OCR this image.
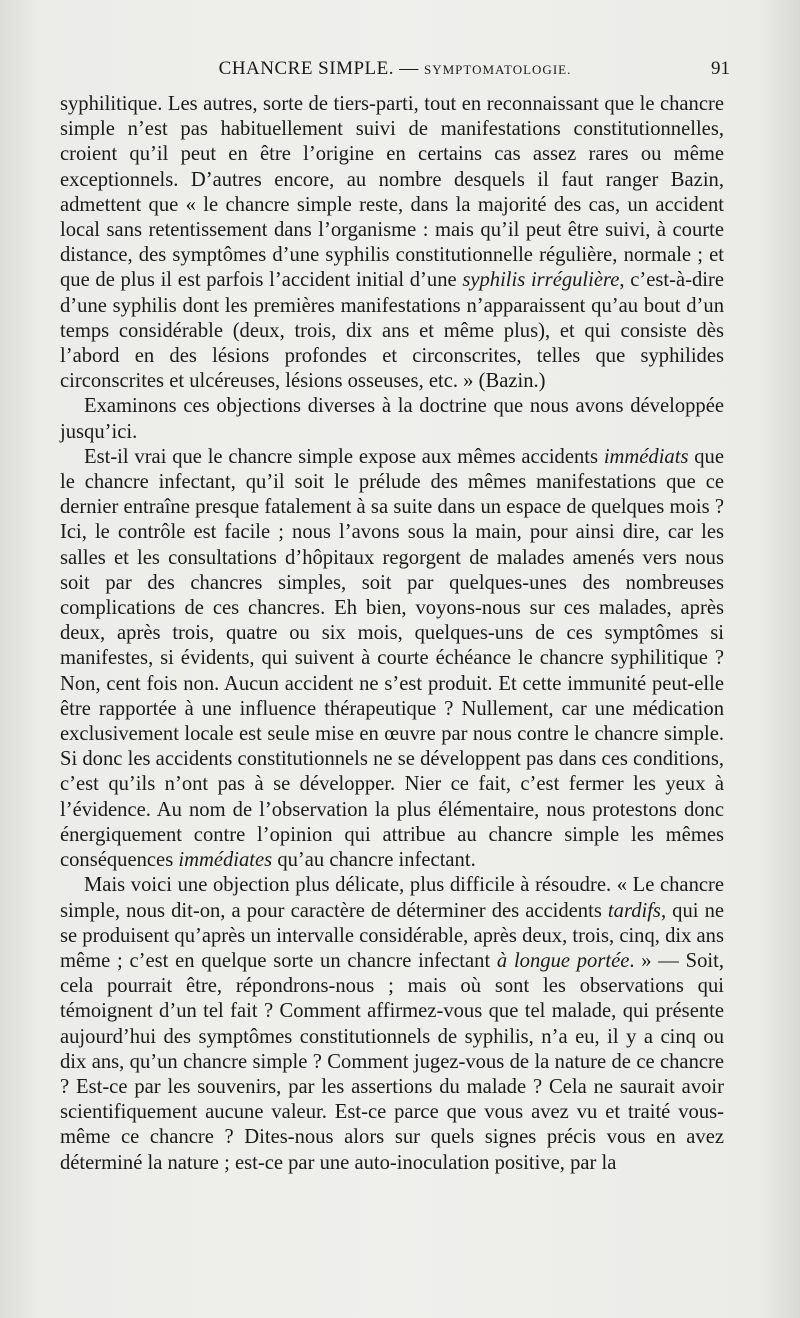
CHANCRE SIMPLE. — SYMPTOMATOLOGIE.	91

syphilitique. Les autres, sorte de tiers-parti, tout en reconnaissant que le chancre simple n’est pas habituellement suivi de manifestations constitutionnelles, croient qu’il peut en être l’origine en certains cas assez rares ou même exceptionnels. D’autres encore, au nombre desquels il faut ranger Bazin, admettent que « le chancre simple reste, dans la majorité des cas, un accident local sans retentissement dans l’organisme : mais qu’il peut être suivi, à courte distance, des symptômes d’une syphilis constitutionnelle régulière, normale ; et que de plus il est parfois l’accident initial d’une syphilis irrégulière, c’est-à-dire d’une syphilis dont les premières manifestations n’apparaissent qu’au bout d’un temps considérable (deux, trois, dix ans et même plus), et qui consiste dès l’abord en des lésions profondes et circonscrites, telles que syphilides circonscrites et ulcéreuses, lésions osseuses, etc. » (Bazin.)

Examinons ces objections diverses à la doctrine que nous avons développée jusqu’ici.

Est-il vrai que le chancre simple expose aux mêmes accidents immédiats que le chancre infectant, qu’il soit le prélude des mêmes manifestations que ce dernier entraîne presque fatalement à sa suite dans un espace de quelques mois ? Ici, le contrôle est facile ; nous l’avons sous la main, pour ainsi dire, car les salles et les consultations d’hôpitaux regorgent de malades amenés vers nous soit par des chancres simples, soit par quelques-unes des nombreuses complications de ces chancres. Eh bien, voyons-nous sur ces malades, après deux, après trois, quatre ou six mois, quelques-uns de ces symptômes si manifestes, si évidents, qui suivent à courte échéance le chancre syphilitique ? Non, cent fois non. Aucun accident ne s’est produit. Et cette immunité peut-elle être rapportée à une influence thérapeutique ? Nullement, car une médication exclusivement locale est seule mise en œuvre par nous contre le chancre simple. Si donc les accidents constitutionnels ne se développent pas dans ces conditions, c’est qu’ils n’ont pas à se développer. Nier ce fait, c’est fermer les yeux à l’évidence. Au nom de l’observation la plus élémentaire, nous protestons donc énergiquement contre l’opinion qui attribue au chancre simple les mêmes conséquences immédiates qu’au chancre infectant.

Mais voici une objection plus délicate, plus difficile à résoudre. « Le chancre simple, nous dit-on, a pour caractère de déterminer des accidents tardifs, qui ne se produisent qu’après un intervalle considérable, après deux, trois, cinq, dix ans même ; c’est en quelque sorte un chancre infectant à longue portée. » — Soit, cela pourrait être, répondrons-nous ; mais où sont les observations qui témoignent d’un tel fait ? Comment affirmez-vous que tel malade, qui présente aujourd’hui des symptômes constitutionnels de syphilis, n’a eu, il y a cinq ou dix ans, qu’un chancre simple ? Comment jugez-vous de la nature de ce chancre ? Est-ce par les souvenirs, par les assertions du malade ? Cela ne saurait avoir scientifiquement aucune valeur. Est-ce parce que vous avez vu et traité vous-même ce chancre ? Dites-nous alors sur quels signes précis vous en avez déterminé la nature ; est-ce par une auto-inoculation positive, par la
